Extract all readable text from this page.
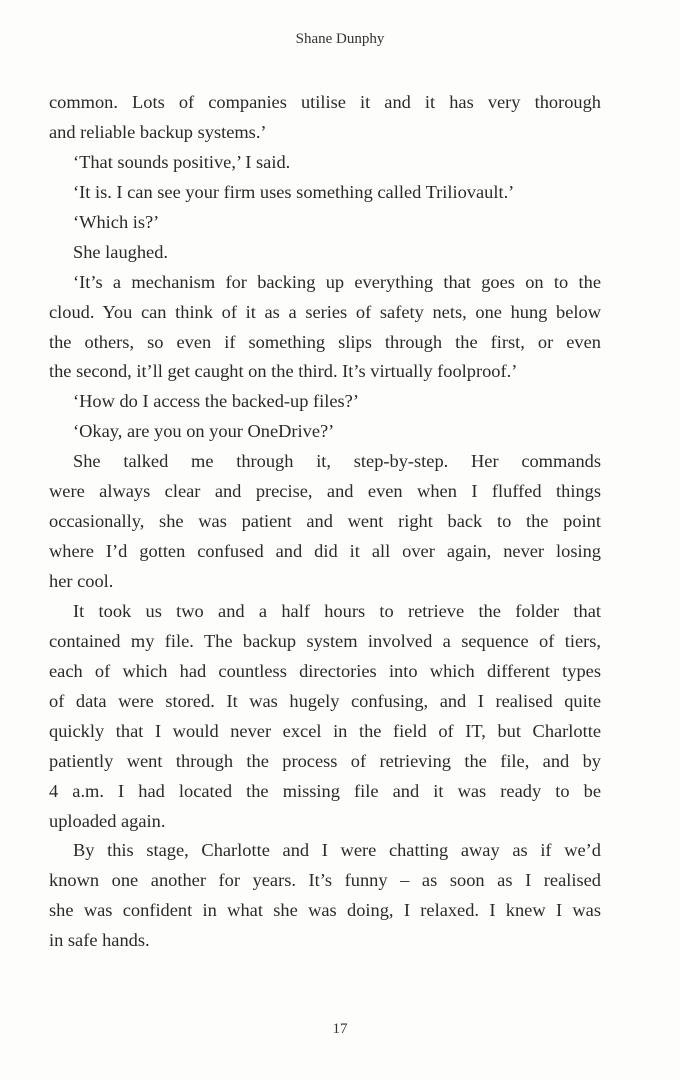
Shane Dunphy
common. Lots of companies utilise it and it has very thorough
and reliable backup systems.’
‘That sounds positive,’ I said.
‘It is. I can see your firm uses something called Triliovault.’
‘Which is?’
She laughed.
‘It’s a mechanism for backing up everything that goes on to the
cloud. You can think of it as a series of safety nets, one hung below
the others, so even if something slips through the first, or even
the second, it’ll get caught on the third. It’s virtually foolproof.’
‘How do I access the backed-up files?’
‘Okay, are you on your OneDrive?’
She talked me through it, step-by-step. Her commands
were always clear and precise, and even when I fluffed things
occasionally, she was patient and went right back to the point
where I’d gotten confused and did it all over again, never losing
her cool.
It took us two and a half hours to retrieve the folder that
contained my file. The backup system involved a sequence of tiers,
each of which had countless directories into which different types
of data were stored. It was hugely confusing, and I realised quite
quickly that I would never excel in the field of IT, but Charlotte
patiently went through the process of retrieving the file, and by
4 a.m. I had located the missing file and it was ready to be
uploaded again.
By this stage, Charlotte and I were chatting away as if we’d
known one another for years. It’s funny – as soon as I realised
she was confident in what she was doing, I relaxed. I knew I was
in safe hands.
17
